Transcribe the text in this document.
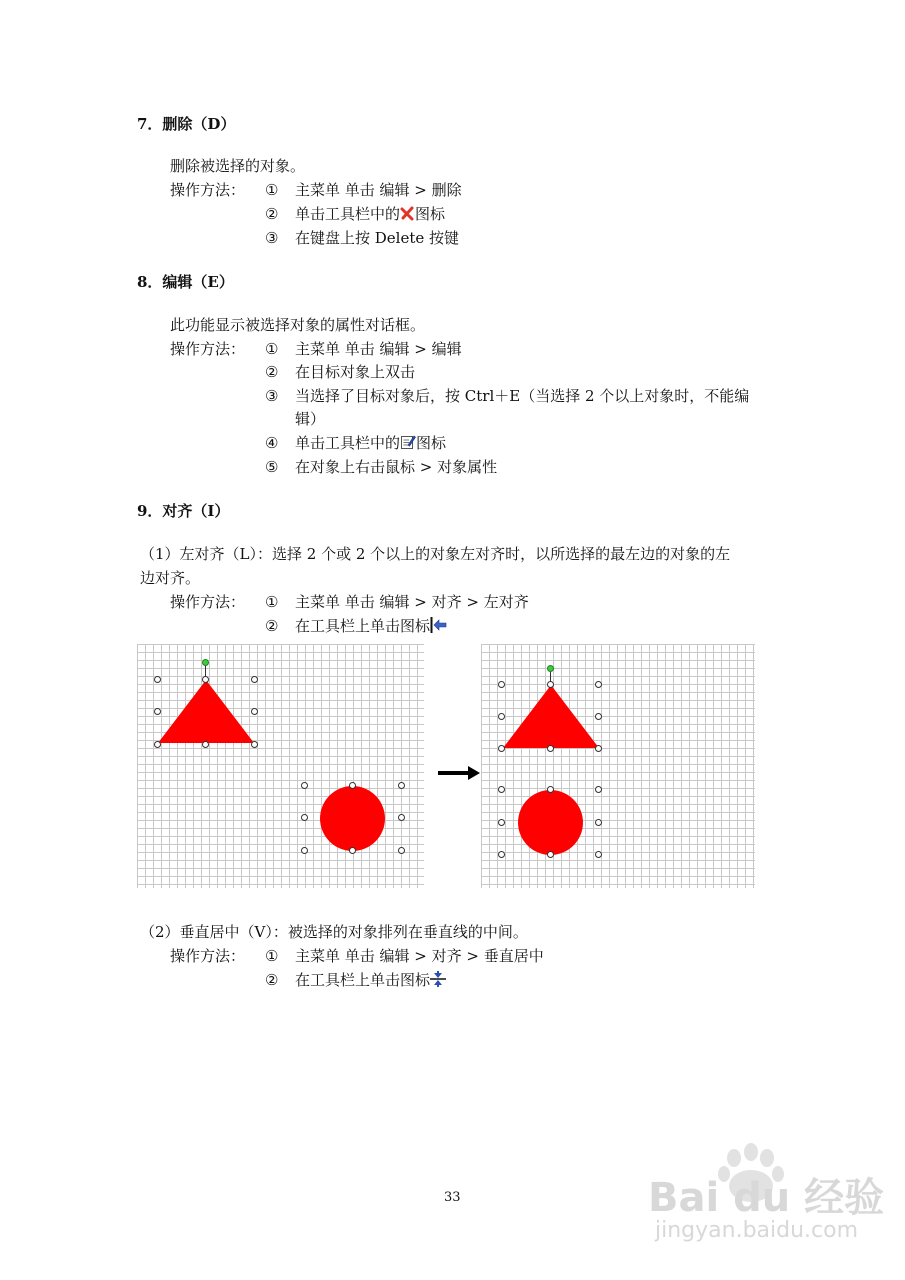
7．删除（D）
删除被选择的对象。
操作方法： ① 主菜单 单击 编辑 > 删除
② 单击工具栏中的 图标
③ 在键盘上按 Delete 按键
8．编辑（E）
此功能显示被选择对象的属性对话框。
操作方法： ① 主菜单 单击 编辑 > 编辑
② 在目标对象上双击
③ 当选择了目标对象后，按 Ctrl＋E（当选择 2 个以上对象时，不能编
辑）
④ 单击工具栏中的 图标
⑤ 在对象上右击鼠标 > 对象属性
9．对齐（I）
（1）左对齐（L）：选择 2 个或 2 个以上的对象左对齐时，以所选择的最左边的对象的左
边对齐。
操作方法： ① 主菜单 单击 编辑 > 对齐 > 左对齐
② 在工具栏上单击图标
（2）垂直居中（V）：被选择的对象排列在垂直线的中间。
操作方法： ① 主菜单 单击 编辑 > 对齐 > 垂直居中
② 在工具栏上单击图标
33	Bai du 经验
jingyan.baidu.com
